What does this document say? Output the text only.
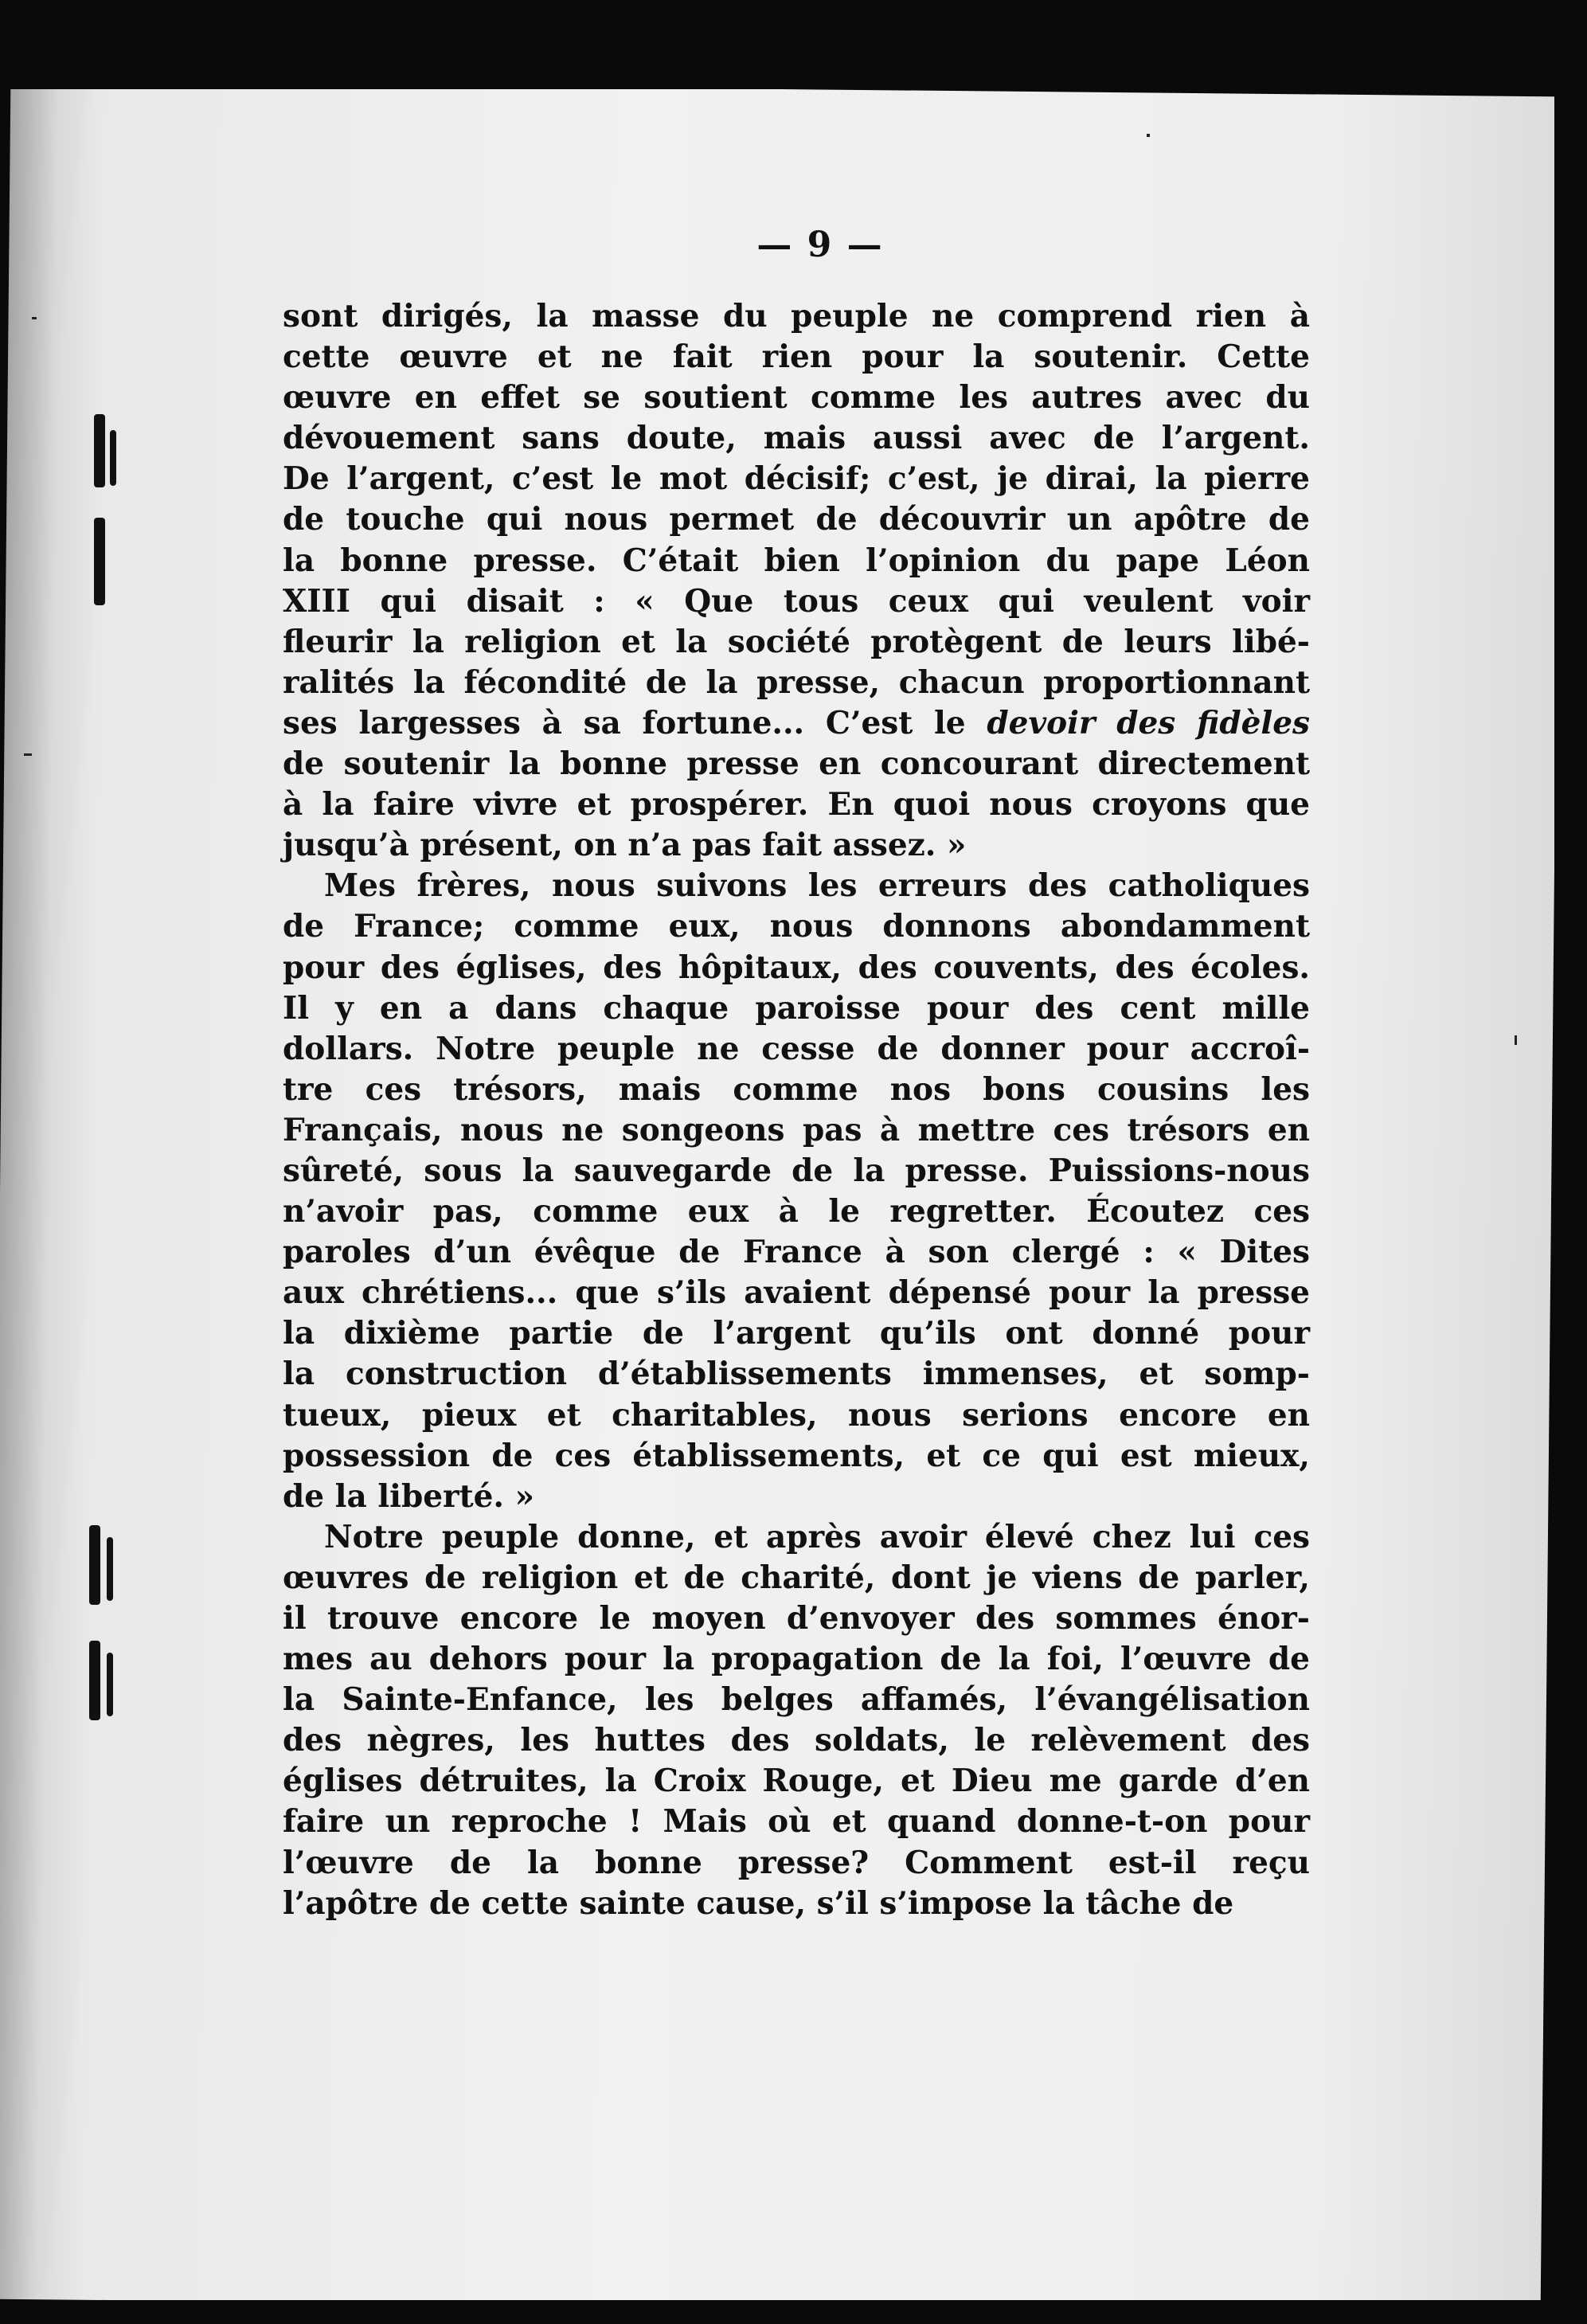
— 9 —
sont dirigés, la masse du peuple ne comprend rien à
cette œuvre et ne fait rien pour la soutenir. Cette
œuvre en effet se soutient comme les autres avec du
dévouement sans doute, mais aussi avec de l’argent.
De l’argent, c’est le mot décisif; c’est, je dirai, la pierre
de touche qui nous permet de découvrir un apôtre de
la bonne presse. C’était bien l’opinion du pape Léon
XIII qui disait : « Que tous ceux qui veulent voir
fleurir la religion et la société protègent de leurs libé-
ralités la fécondité de la presse, chacun proportionnant
ses largesses à sa fortune... C’est le devoir des fidèles
de soutenir la bonne presse en concourant directement
à la faire vivre et prospérer. En quoi nous croyons que
jusqu’à présent, on n’a pas fait assez. »
Mes frères, nous suivons les erreurs des catholiques
de France; comme eux, nous donnons abondamment
pour des églises, des hôpitaux, des couvents, des écoles.
Il y en a dans chaque paroisse pour des cent mille
dollars. Notre peuple ne cesse de donner pour accroî-
tre ces trésors, mais comme nos bons cousins les
Français, nous ne songeons pas à mettre ces trésors en
sûreté, sous la sauvegarde de la presse. Puissions-nous
n’avoir pas, comme eux à le regretter. Écoutez ces
paroles d’un évêque de France à son clergé : « Dites
aux chrétiens... que s’ils avaient dépensé pour la presse
la dixième partie de l’argent qu’ils ont donné pour
la construction d’établissements immenses, et somp-
tueux, pieux et charitables, nous serions encore en
possession de ces établissements, et ce qui est mieux,
de la liberté. »
Notre peuple donne, et après avoir élevé chez lui ces
œuvres de religion et de charité, dont je viens de parler,
il trouve encore le moyen d’envoyer des sommes énor-
mes au dehors pour la propagation de la foi, l’œuvre de
la Sainte-Enfance, les belges affamés, l’évangélisation
des nègres, les huttes des soldats, le relèvement des
églises détruites, la Croix Rouge, et Dieu me garde d’en
faire un reproche ! Mais où et quand donne-t-on pour
l’œuvre de la bonne presse? Comment est-il reçu
l’apôtre de cette sainte cause, s’il s’impose la tâche de
